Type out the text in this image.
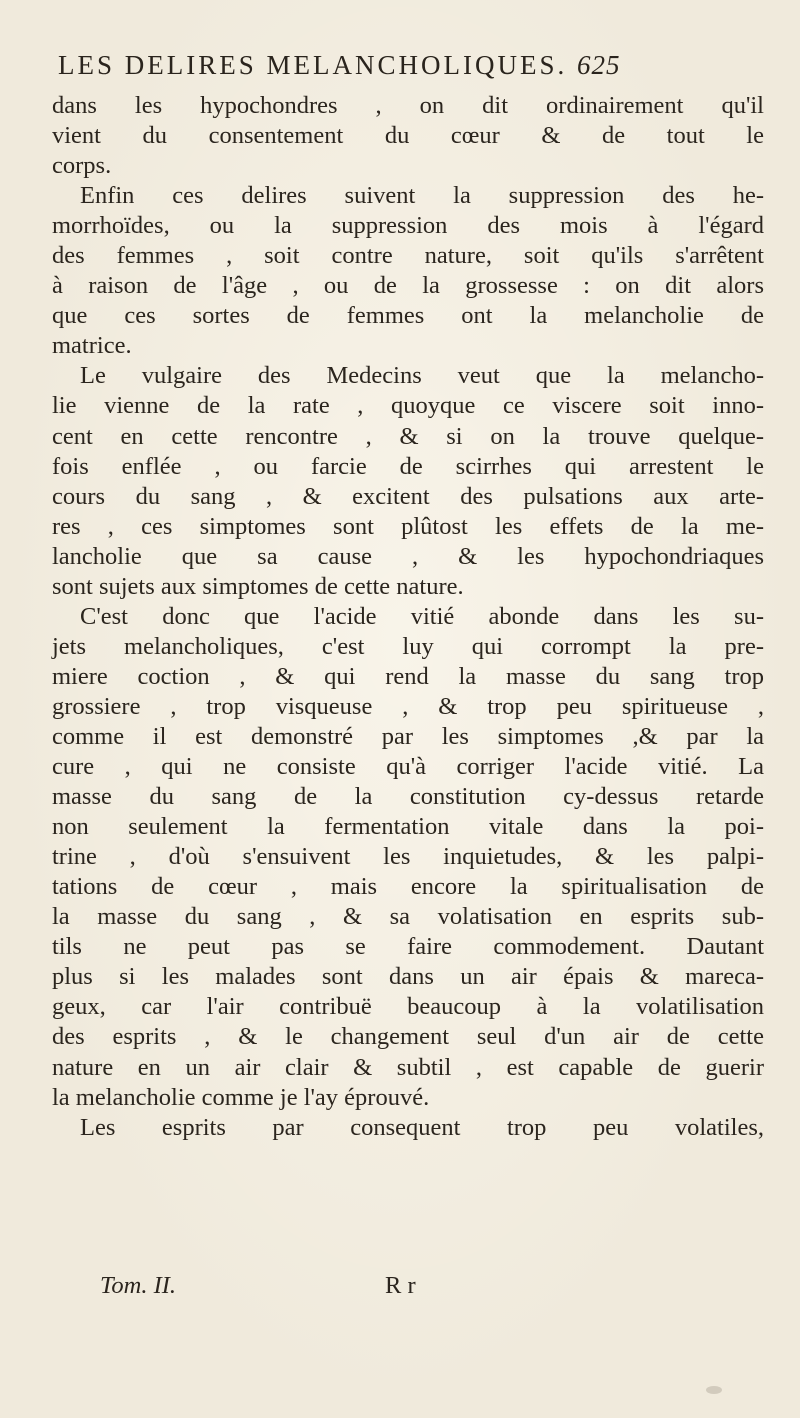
LES DELIRES MELANCHOLIQUES. 625
dans les hypochondres , on dit ordinairement qu'il
vient du consentement du cœur & de tout le
corps.
Enfin ces delires suivent la suppression des he-
morrhoïdes, ou la suppression des mois à l'égard
des femmes , soit contre nature, soit qu'ils s'arrêtent
à raison de l'âge , ou de la grossesse : on dit alors
que ces sortes de femmes ont la melancholie de
matrice.
Le vulgaire des Medecins veut que la melancho-
lie vienne de la rate , quoyque ce viscere soit inno-
cent en cette rencontre , & si on la trouve quelque-
fois enflée , ou farcie de scirrhes qui arrestent le
cours du sang , & excitent des pulsations aux arte-
res , ces simptomes sont plûtost les effets de la me-
lancholie que sa cause , & les hypochondriaques
sont sujets aux simptomes de cette nature.
C'est donc que l'acide vitié abonde dans les su-
jets melancholiques, c'est luy qui corrompt la pre-
miere coction , & qui rend la masse du sang trop
grossiere , trop visqueuse , & trop peu spiritueuse ,
comme il est demonstré par les simptomes ,& par la
cure , qui ne consiste qu'à corriger l'acide vitié. La
masse du sang de la constitution cy-dessus retarde
non seulement la fermentation vitale dans la poi-
trine , d'où s'ensuivent les inquietudes, & les palpi-
tations de cœur , mais encore la spiritualisation de
la masse du sang , & sa volatisation en esprits sub-
tils ne peut pas se faire commodement. Dautant
plus si les malades sont dans un air épais & mareca-
geux, car l'air contribuë beaucoup à la volatilisation
des esprits , & le changement seul d'un air de cette
nature en un air clair & subtil , est capable de guerir
la melancholie comme je l'ay éprouvé.
Les esprits par consequent trop peu volatiles,
Tom. II.	R r
